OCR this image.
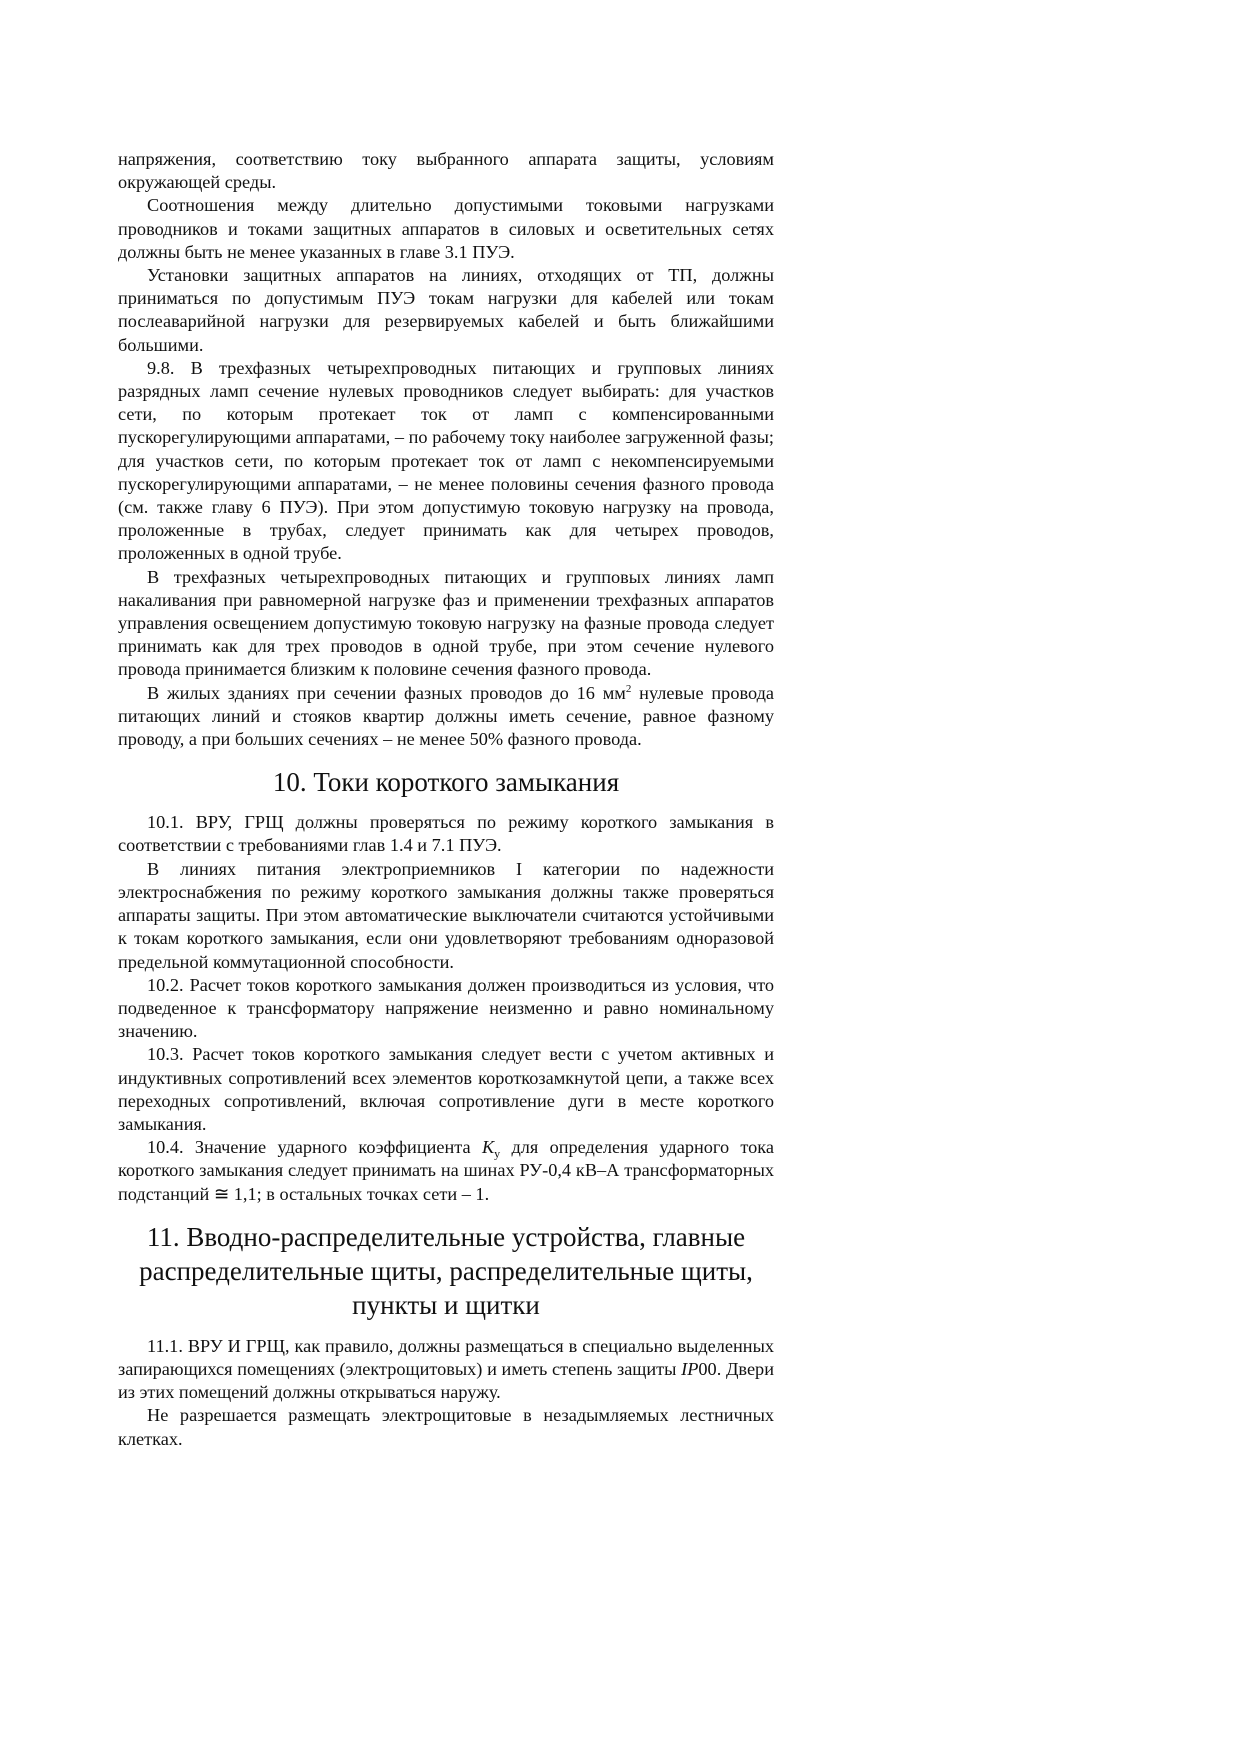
напряжения, соответствию току выбранного аппарата защиты, условиям окружающей среды.

Соотношения между длительно допустимыми токовыми нагрузками проводников и токами защитных аппаратов в силовых и осветительных сетях должны быть не менее указанных в главе 3.1 ПУЭ.

Установки защитных аппаратов на линиях, отходящих от ТП, должны приниматься по допустимым ПУЭ токам нагрузки для кабелей или токам послеаварийной нагрузки для резервируемых кабелей и быть ближайшими большими.

9.8. В трехфазных четырехпроводных питающих и групповых линиях разрядных ламп сечение нулевых проводников следует выбирать: для участков сети, по которым протекает ток от ламп с компенсированными пускорегулирующими аппаратами, – по рабочему току наиболее загруженной фазы; для участков сети, по которым протекает ток от ламп с некомпенсируемыми пускорегулирующими аппаратами, – не менее половины сечения фазного провода (см. также главу 6 ПУЭ). При этом допустимую токовую нагрузку на провода, проложенные в трубах, следует принимать как для четырех проводов, проложенных в одной трубе.

В трехфазных четырехпроводных питающих и групповых линиях ламп накаливания при равномерной нагрузке фаз и применении трехфазных аппаратов управления освещением допустимую токовую нагрузку на фазные провода следует принимать как для трех проводов в одной трубе, при этом сечение нулевого провода принимается близким к половине сечения фазного провода.

В жилых зданиях при сечении фазных проводов до 16 $мм^2$ нулевые провода питающих линий и стояков квартир должны иметь сечение, равное фазному проводу, а при больших сечениях – не менее 50% фазного провода.

10. Токи короткого замыкания

10.1. ВРУ, ГРЩ должны проверяться по режиму короткого замыкания в соответствии с требованиями глав 1.4 и 7.1 ПУЭ.

В линиях питания электроприемников I категории по надежности электроснабжения по режиму короткого замыкания должны также проверяться аппараты защиты. При этом автоматические выключатели считаются устойчивыми к токам короткого замыкания, если они удовлетворяют требованиям одноразовой предельной коммутационной способности.

10.2. Расчет токов короткого замыкания должен производиться из условия, что подведенное к трансформатору напряжение неизменно и равно номинальному значению.

10.3. Расчет токов короткого замыкания следует вести с учетом активных и индуктивных сопротивлений всех элементов короткозамкнутой цепи, а также всех переходных сопротивлений, включая сопротивление дуги в месте короткого замыкания.

10.4. Значение ударного коэффициента $K_у$ для определения ударного тока короткого замыкания следует принимать на шинах РУ-0,4 кВ–А трансформаторных подстанций ≅ 1,1; в остальных точках сети – 1.

11. Вводно-распределительные устройства, главные распределительные щиты, распределительные щиты, пункты и щитки

11.1. ВРУ И ГРЩ, как правило, должны размещаться в специально выделенных запирающихся помещениях (электрощитовых) и иметь степень защиты IP00. Двери из этих помещений должны открываться наружу.

Не разрешается размещать электрощитовые в незадымляемых лестничных клетках.
